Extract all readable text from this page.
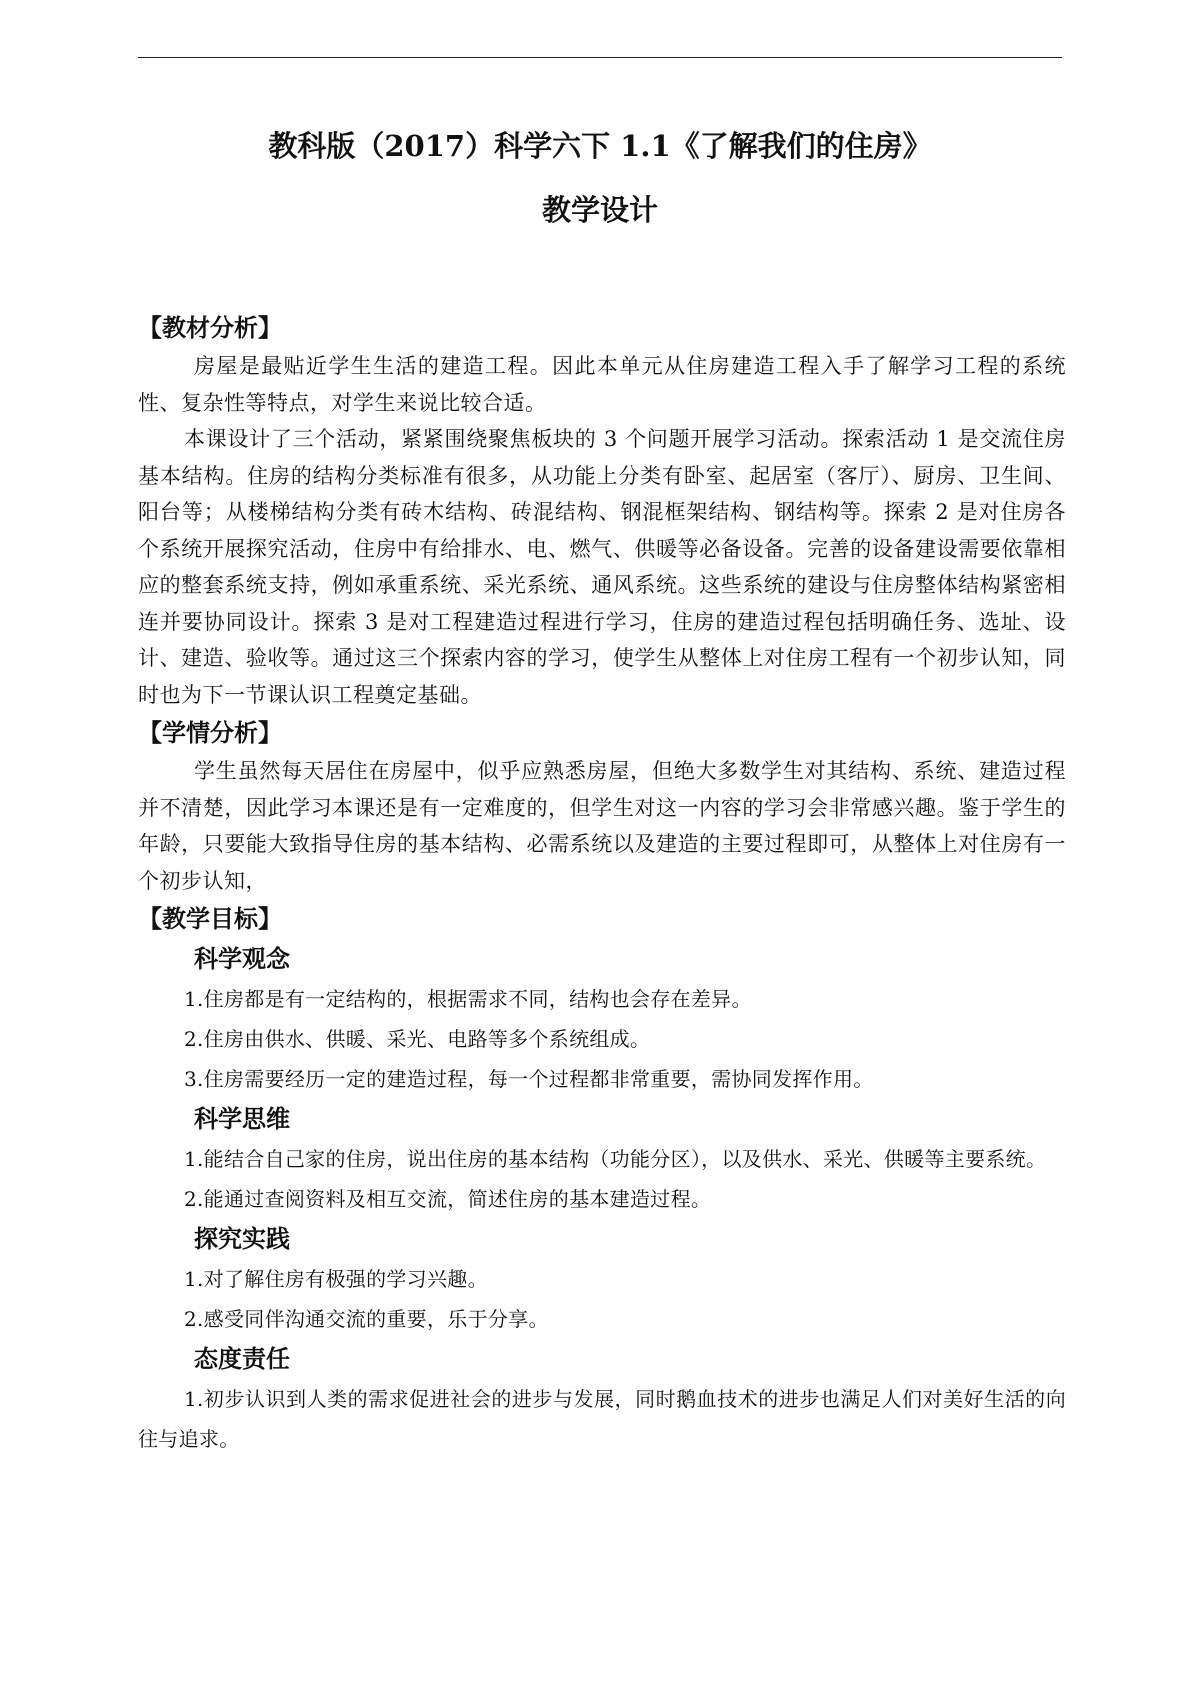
教科版（2017）科学六下 1.1《了解我们的住房》
教学设计

【教材分析】

房屋是最贴近学生生活的建造工程。因此本单元从住房建造工程入手了解学习工程的系统性、复杂性等特点，对学生来说比较合适。

本课设计了三个活动，紧紧围绕聚焦板块的 3 个问题开展学习活动。探索活动 1 是交流住房基本结构。住房的结构分类标准有很多，从功能上分类有卧室、起居室（客厅）、厨房、卫生间、阳台等；从楼梯结构分类有砖木结构、砖混结构、钢混框架结构、钢结构等。探索 2 是对住房各个系统开展探究活动，住房中有给排水、电、燃气、供暖等必备设备。完善的设备建设需要依靠相应的整套系统支持，例如承重系统、采光系统、通风系统。这些系统的建设与住房整体结构紧密相连并要协同设计。探索 3 是对工程建造过程进行学习，住房的建造过程包括明确任务、选址、设计、建造、验收等。通过这三个探索内容的学习，使学生从整体上对住房工程有一个初步认知，同时也为下一节课认识工程奠定基础。

【学情分析】

学生虽然每天居住在房屋中，似乎应熟悉房屋，但绝大多数学生对其结构、系统、建造过程并不清楚，因此学习本课还是有一定难度的，但学生对这一内容的学习会非常感兴趣。鉴于学生的年龄，只要能大致指导住房的基本结构、必需系统以及建造的主要过程即可，从整体上对住房有一个初步认知，

【教学目标】

科学观念

1.住房都是有一定结构的，根据需求不同，结构也会存在差异。

2.住房由供水、供暖、采光、电路等多个系统组成。

3.住房需要经历一定的建造过程，每一个过程都非常重要，需协同发挥作用。

科学思维

1.能结合自己家的住房，说出住房的基本结构（功能分区），以及供水、采光、供暖等主要系统。

2.能通过查阅资料及相互交流，简述住房的基本建造过程。

探究实践

1.对了解住房有极强的学习兴趣。

2.感受同伴沟通交流的重要，乐于分享。

态度责任

1.初步认识到人类的需求促进社会的进步与发展，同时鹅血技术的进步也满足人们对美好生活的向往与追求。
